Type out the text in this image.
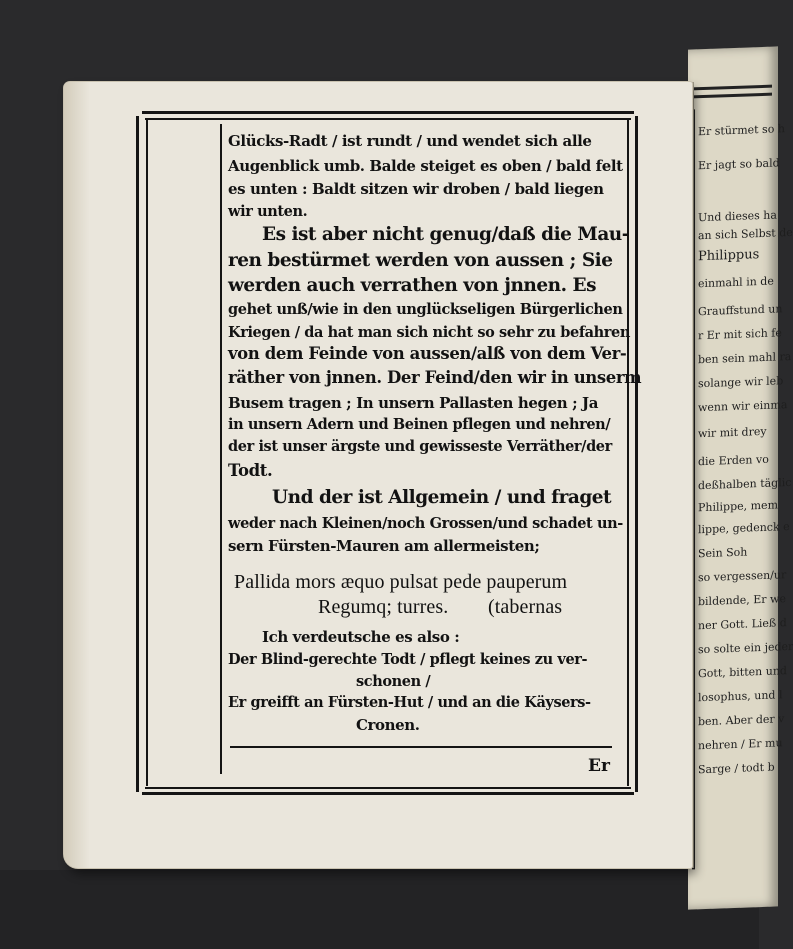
Er stürmet so h
Er jagt so bald
Und dieses ha
an sich Selbst de
Philippus
einmahl in de
Grauffstund un
r Er mit sich fe
ben sein mahl ra
solange wir leb
wenn wir einma
wir mit drey
die Erden vo
deßhalben täglic
Philippe, mem
lippe, gedenck e
Sein Soh
so vergessen/ur
bildende, Er we
ner Gott. Ließ d
so solte ein jeder
Gott, bitten und
losophus, und l
ben. Aber der v
nehren / Er mu
Sarge / todt b
Glücks-Radt / ist rundt / und wendet sich alle
Augenblick umb. Balde steiget es oben / bald felt
es unten : Baldt sitzen wir droben / bald liegen
wir unten.
Es ist aber nicht genug/daß die Mau-
ren bestürmet werden von aussen ; Sie
werden auch verrathen von jnnen. Es
gehet unß/wie in den unglückseligen Bürgerlichen
Kriegen / da hat man sich nicht so sehr zu befahren
von dem Feinde von aussen/alß von dem Ver-
räther von jnnen. Der Feind/den wir in unserm
Busem tragen ; In unsern Pallasten hegen ; Ja
in unsern Adern und Beinen pflegen und nehren/
der ist unser ärgste und gewisseste Verräther/der
Todt.
Und der ist Allgemein / und fraget
weder nach Kleinen/noch Grossen/und schadet un-
sern Fürsten-Mauren am allermeisten;
Pallida mors æquo pulsat pede pauperum
Regumq; turres. (tabernas
Ich verdeutsche es also :
Der Blind-gerechte Todt / pflegt keines zu ver-
schonen /
Er greifft an Fürsten-Hut / und an die Käysers-
Cronen.
Er
